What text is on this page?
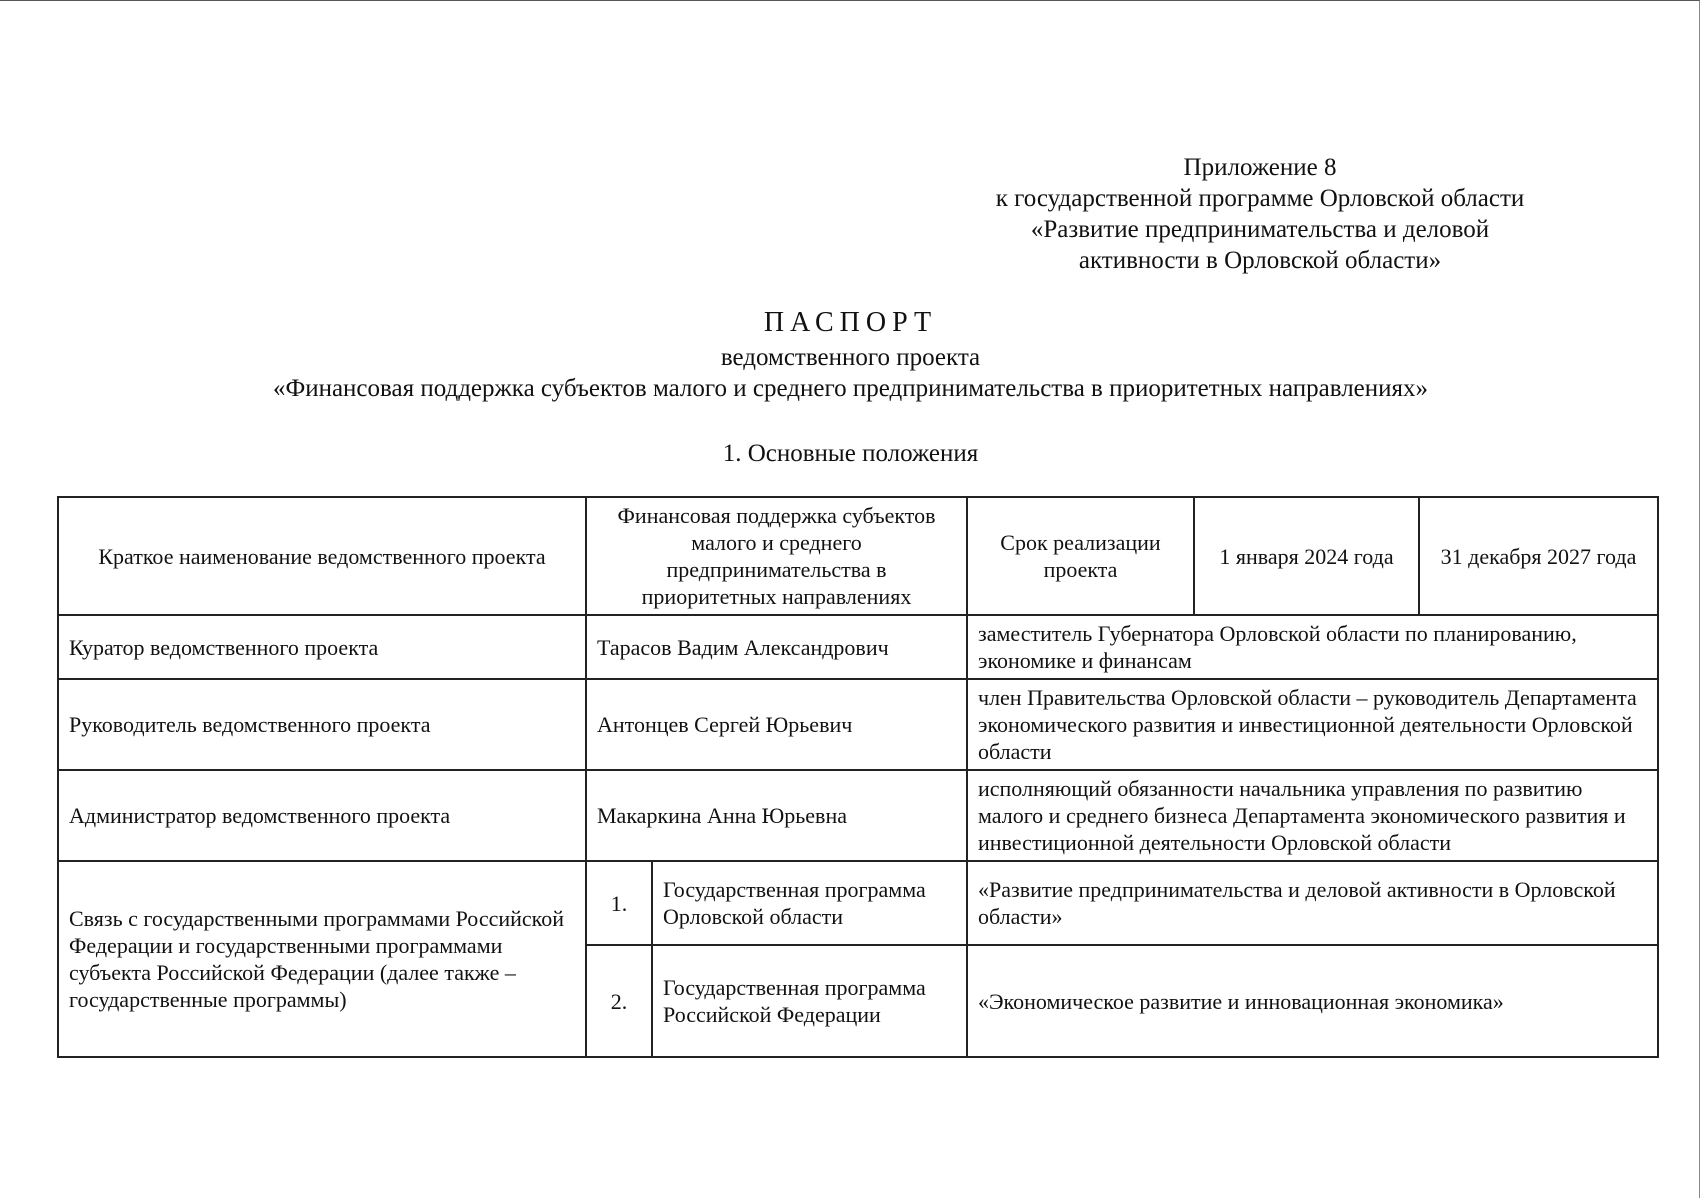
Приложение 8
к государственной программе Орловской области
«Развитие предпринимательства и деловой
активности в Орловской области»
ПАСПОРТ
ведомственного проекта
«Финансовая поддержка субъектов малого и среднего предпринимательства в приоритетных направлениях»
1. Основные положения
Краткое наименование ведомственного проекта	Финансовая поддержка субъектов малого и среднего предпринимательства в приоритетных направлениях		Срок реализации проекта	1 января 2024 года	31 декабря 2027 года
Куратор ведомственного проекта	Тарасов Вадим Александрович		заместитель Губернатора Орловской области по планированию, экономике и финансам		
Руководитель ведомственного проекта	Антонцев Сергей Юрьевич		член Правительства Орловской области – руководитель Департамента экономического развития и инвестиционной деятельности Орловской области		
Администратор ведомственного проекта	Макаркина Анна Юрьевна		исполняющий обязанности начальника управления по развитию малого и среднего бизнеса Департамента экономического развития и инвестиционной деятельности Орловской области		
Связь с государственными программами Российской Федерации и государственными программами субъекта Российской Федерации (далее также – государственные программы)	1.	Государственная программа Орловской области	«Развитие предпринимательства и деловой активности в Орловской области»		
	2.	Государственная программа Российской Федерации	«Экономическое развитие и инновационная экономика»		
